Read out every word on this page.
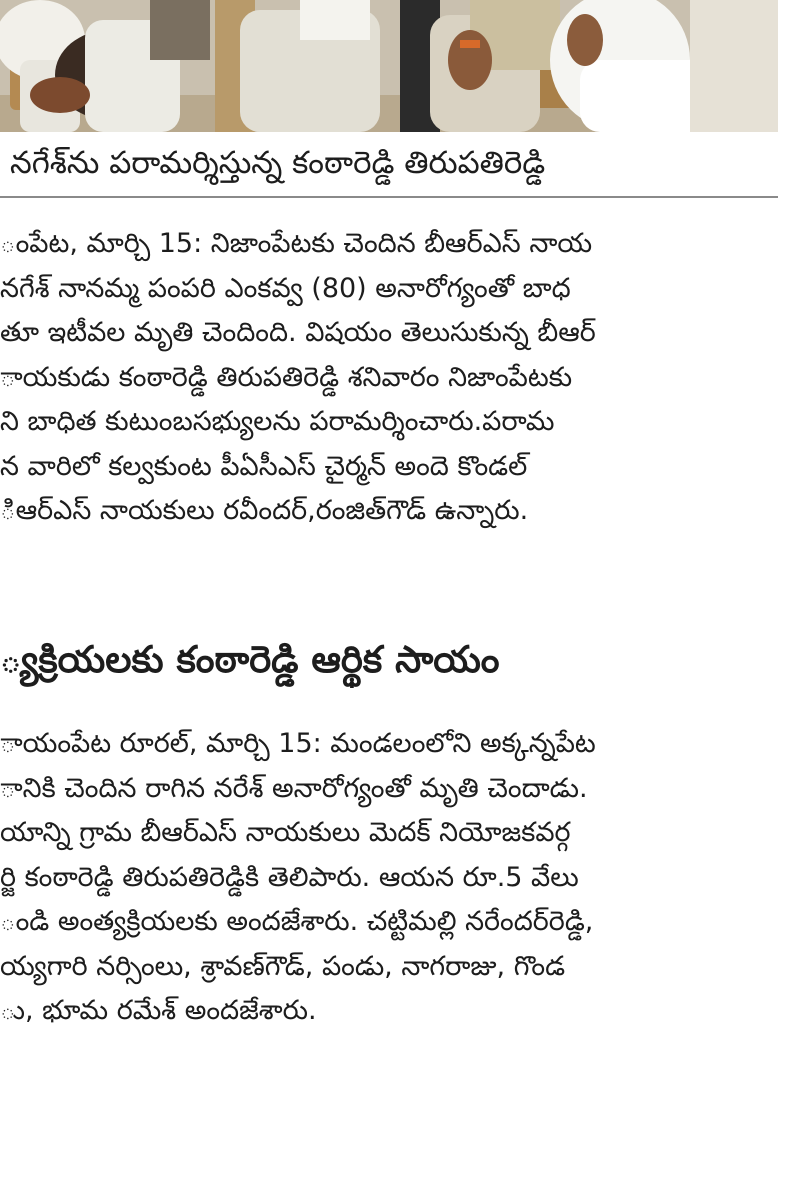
నగేశ్‌ను పరామర్శిస్తున్న కంఠారెడ్డి తిరుపతిరెడ్డి
ంపేట, మార్చి 15: నిజాంపేటకు చెందిన బీఆర్ఎస్ నాయ
నగేశ్ నానమ్మ పంపరి ఎంకవ్వ (80) అనారోగ్యంతో బాధ
తూ ఇటీవల మృతి చెందింది. విషయం తెలుసుకున్న బీఆర్
ాయకుడు కంఠారెడ్డి తిరుపతిరెడ్డి శనివారం నిజాంపేటకు
ని బాధిత కుటుంబసభ్యులను పరామర్శించారు.పరామ
న వారిలో కల్వకుంట పీఏసీఎస్ చైర్మన్ అందె కొండల్
ిఆర్ఎస్ నాయకులు రవీందర్,రంజిత్‌గౌడ్ ఉన్నారు.
్యక్రియలకు కంఠారెడ్డి ఆర్థిక సాయం
ాయంపేట రూరల్, మార్చి 15: మండలంలోని అక్కన్నపేట
ానికి చెందిన రాగిన నరేశ్ అనారోగ్యంతో మృతి చెందాడు.
యాన్ని గ్రామ బీఆర్ఎస్ నాయకులు మెదక్ నియోజకవర్గ
ర్జి కంఠారెడ్డి తిరుపతిరెడ్డికి తెలిపారు. ఆయన రూ.5 వేలు
ండి అంత్యక్రియలకు అందజేశారు. చట్టిమల్లి నరేందర్‌రెడ్డి,
య్యగారి నర్సింలు, శ్రావణ్‌గౌడ్, పండు, నాగరాజు, గొండ
ు, భూమ రమేశ్ అందజేశారు.
